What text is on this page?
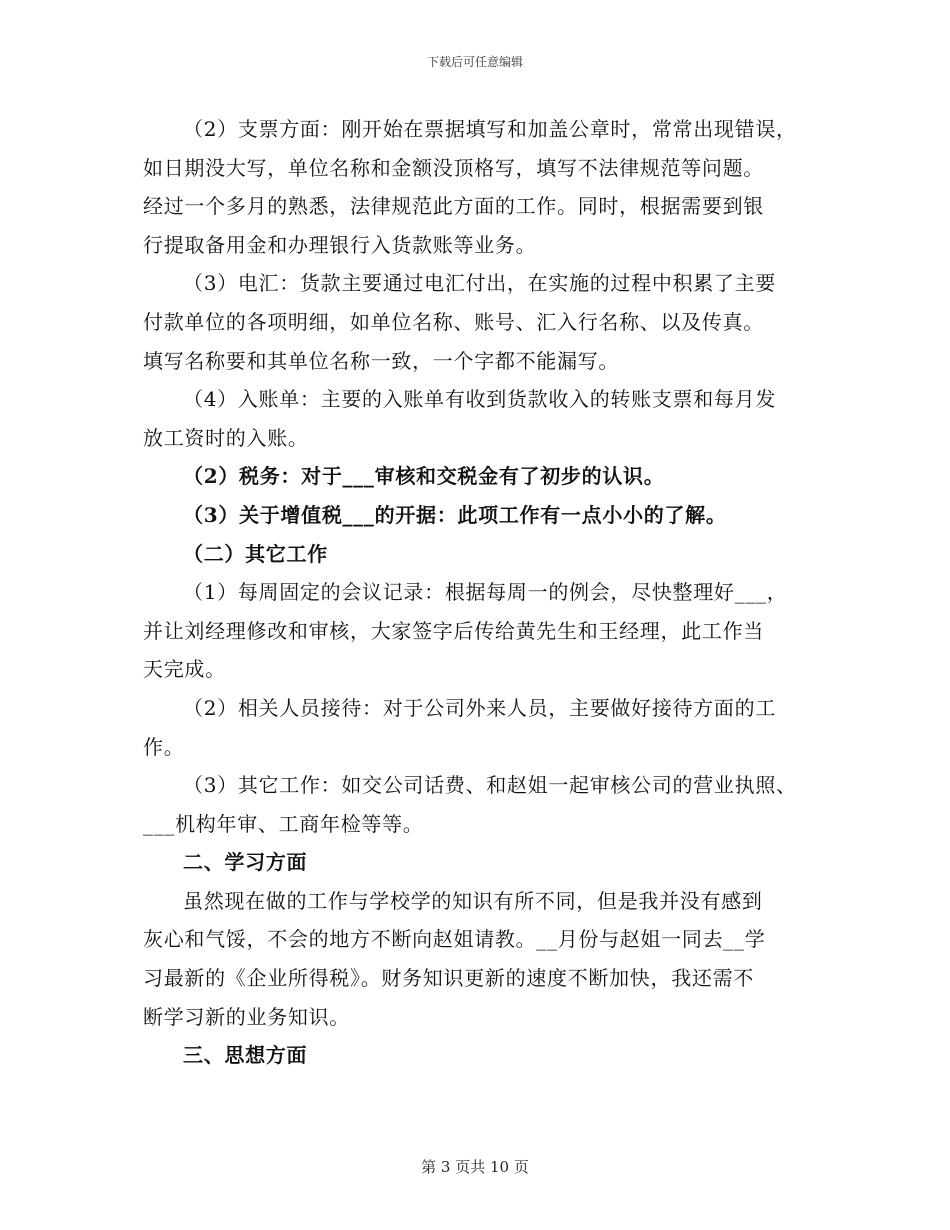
下载后可任意编辑

（2）支票方面：刚开始在票据填写和加盖公章时，常常出现错误，
如日期没大写，单位名称和金额没顶格写，填写不法律规范等问题。
经过一个多月的熟悉，法律规范此方面的工作。同时，根据需要到银
行提取备用金和办理银行入货款账等业务。

（3）电汇：货款主要通过电汇付出，在实施的过程中积累了主要
付款单位的各项明细，如单位名称、账号、汇入行名称、以及传真。
填写名称要和其单位名称一致，一个字都不能漏写。

（4）入账单：主要的入账单有收到货款收入的转账支票和每月发
放工资时的入账。

（2）税务：对于___审核和交税金有了初步的认识。

（3）关于增值税___的开据：此项工作有一点小小的了解。

（二）其它工作

（1）每周固定的会议记录：根据每周一的例会，尽快整理好___，
并让刘经理修改和审核，大家签字后传给黄先生和王经理，此工作当
天完成。

（2）相关人员接待：对于公司外来人员，主要做好接待方面的工
作。

（3）其它工作：如交公司话费、和赵姐一起审核公司的营业执照、
___机构年审、工商年检等等。

二、学习方面

虽然现在做的工作与学校学的知识有所不同，但是我并没有感到
灰心和气馁，不会的地方不断向赵姐请教。__月份与赵姐一同去__学
习最新的《企业所得税》。财务知识更新的速度不断加快，我还需不
断学习新的业务知识。

三、思想方面

第 3 页共 10 页
